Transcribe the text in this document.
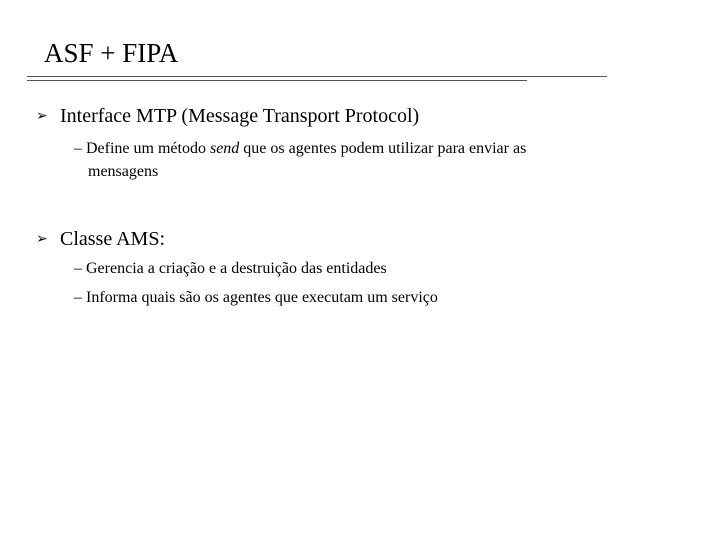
ASF + FIPA
➢ Interface MTP (Message Transport Protocol)
– Define um método send que os agentes podem utilizar para enviar as
mensagens
➢ Classe AMS:
– Gerencia a criação e a destruição das entidades
– Informa quais são os agentes que executam um serviço
